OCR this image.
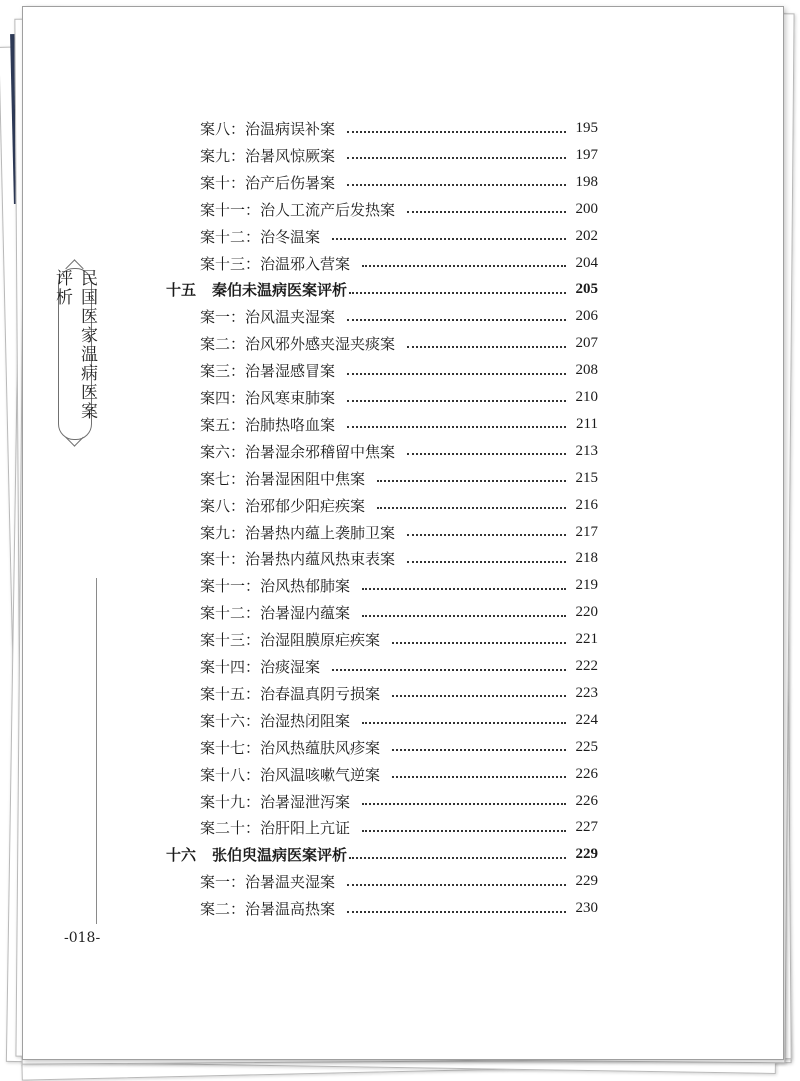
民国医家温病医案评析
-018-
案八： 治温病误补案	195
案九： 治暑风惊厥案	197
案十： 治产后伤暑案	198
案十一： 治人工流产后发热案	200
案十二： 治冬温案	202
案十三： 治温邪入营案	204
十五	秦伯未温病医案评析	205
案一： 治风温夹湿案	206
案二： 治风邪外感夹湿夹痰案	207
案三： 治暑湿感冒案	208
案四： 治风寒束肺案	210
案五： 治肺热咯血案	211
案六： 治暑湿余邪稽留中焦案	213
案七： 治暑湿困阻中焦案	215
案八： 治邪郁少阳疟疾案	216
案九： 治暑热内蕴上袭肺卫案	217
案十： 治暑热内蕴风热束表案	218
案十一： 治风热郁肺案	219
案十二： 治暑湿内蕴案	220
案十三： 治湿阻膜原疟疾案	221
案十四： 治痰湿案	222
案十五： 治春温真阴亏损案	223
案十六： 治湿热闭阻案	224
案十七： 治风热蕴肤风疹案	225
案十八： 治风温咳嗽气逆案	226
案十九： 治暑湿泄泻案	226
案二十： 治肝阳上亢证	227
十六	张伯臾温病医案评析	229
案一： 治暑温夹湿案	229
案二： 治暑温高热案	230
